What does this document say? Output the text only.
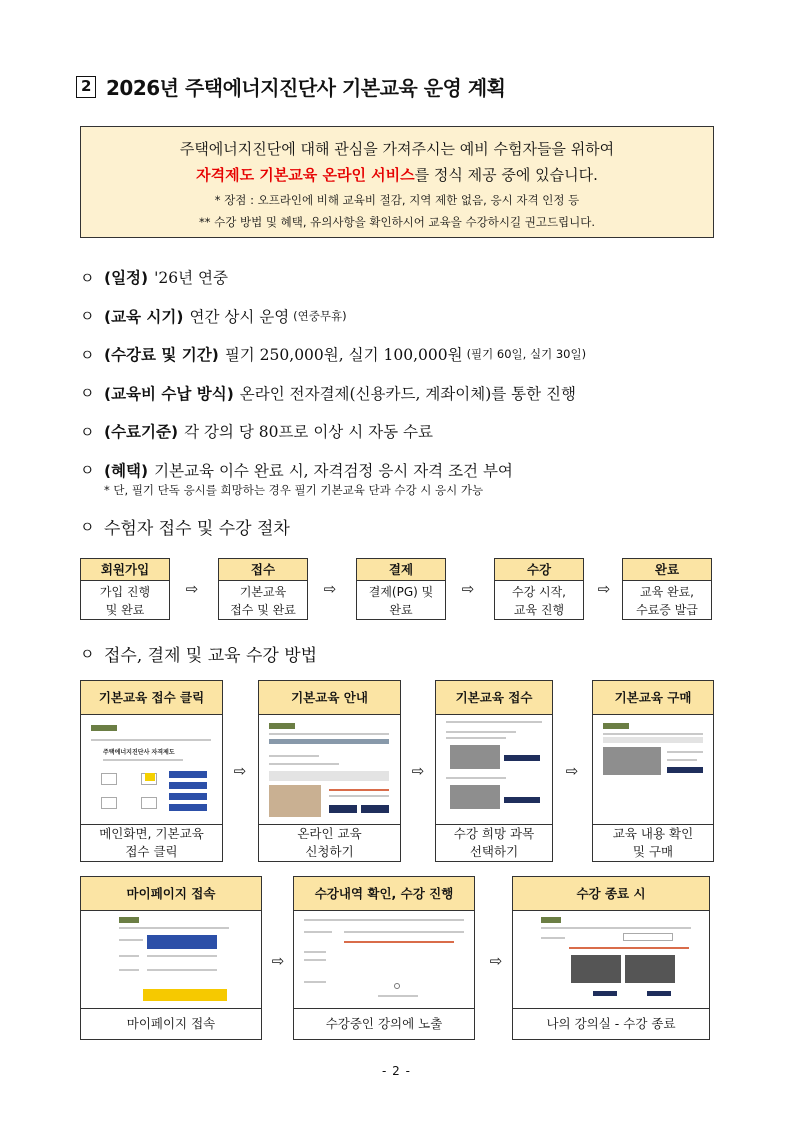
2 2026년 주택에너지진단사 기본교육 운영 계획
주택에너지진단에 대해 관심을 가져주시는 예비 수험자들을 위하여
자격제도 기본교육 온라인 서비스를 정식 제공 중에 있습니다.
* 장점 : 오프라인에 비해 교육비 절감, 지역 제한 없음, 응시 자격 인정 등
** 수강 방법 및 혜택, 유의사항을 확인하시어 교육을 수강하시길 권고드립니다.
ㅇ (일정) '26년 연중
ㅇ (교육 시기) 연간 상시 운영 (연중무휴)
ㅇ (수강료 및 기간) 필기 250,000원, 실기 100,000원 (필기 60일, 실기 30일)
ㅇ (교육비 수납 방식) 온라인 전자결제(신용카드, 계좌이체)를 통한 진행
ㅇ (수료기준) 각 강의 당 80프로 이상 시 자동 수료
ㅇ (혜택) 기본교육 이수 완료 시, 자격검정 응시 자격 조건 부여
* 단, 필기 단독 응시를 희망하는 경우 필기 기본교육 단과 수강 시 응시 가능
ㅇ 수험자 접수 및 수강 절차
회원가입
가입 진행
및 완료
⇨
접수
기본교육
접수 및 완료
⇨
결제
결제(PG) 및
완료
⇨
수강
수강 시작,
교육 진행
⇨
완료
교육 완료,
수료증 발급
ㅇ 접수, 결제 및 교육 수강 방법
기본교육 접수 클릭
주택에너지진단사 자격제도
메인화면, 기본교육
접수 클릭
⇨
기본교육 안내
온라인 교육
신청하기
⇨
기본교육 접수
수강 희망 과목
선택하기
⇨
기본교육 구매
교육 내용 확인
및 구매
마이페이지 접속
마이페이지 접속
⇨
수강내역 확인, 수강 진행
수강중인 강의에 노출
⇨
수강 종료 시
나의 강의실 - 수강 종료
- 2 -
